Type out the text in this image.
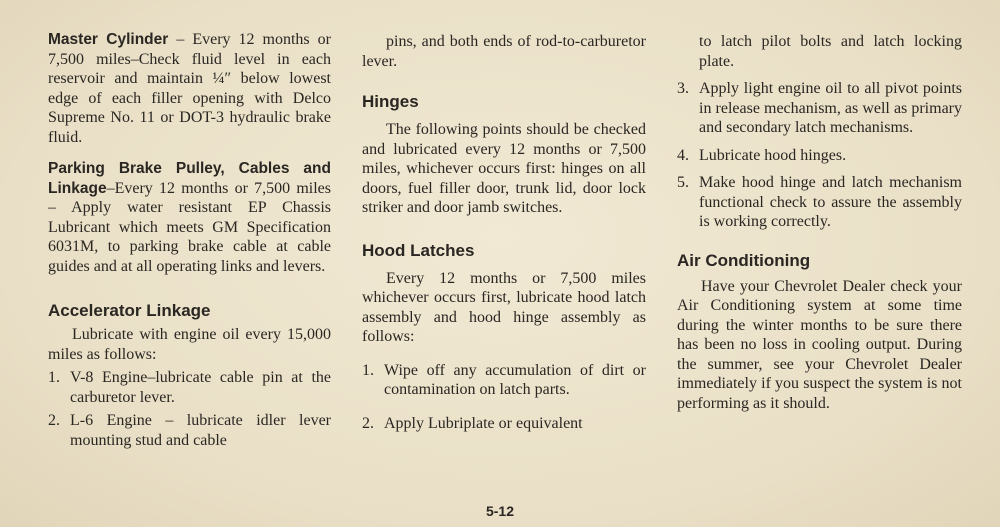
Master Cylinder – Every 12 months or 7,500 miles–Check fluid level in each reservoir and maintain ¼″ below lowest edge of each filler opening with Delco Supreme No. 11 or DOT-3 hydraulic brake fluid.

Parking Brake Pulley, Cables and Linkage–Every 12 months or 7,500 miles – Apply water resistant EP Chassis Lubricant which meets GM Specification 6031M, to parking brake cable at cable guides and at all operating links and levers.

Accelerator Linkage

Lubricate with engine oil every 15,000 miles as follows:

1. V-8 Engine–lubricate cable pin at the carburetor lever.
2. L-6 Engine – lubricate idler lever mounting stud and cable

pins, and both ends of rod-to-carburetor lever.

Hinges

The following points should be checked and lubricated every 12 months or 7,500 miles, whichever occurs first: hinges on all doors, fuel filler door, trunk lid, door lock striker and door jamb switches.

Hood Latches

Every 12 months or 7,500 miles whichever occurs first, lubricate hood latch assembly and hood hinge assembly as follows:

1. Wipe off any accumulation of dirt or contamination on latch parts.
2. Apply Lubriplate or equivalent

to latch pilot bolts and latch locking plate.

3. Apply light engine oil to all pivot points in release mechanism, as well as primary and secondary latch mechanisms.
4. Lubricate hood hinges.
5. Make hood hinge and latch mechanism functional check to assure the assembly is working correctly.
Air Conditioning

Have your Chevrolet Dealer check your Air Conditioning system at some time during the winter months to be sure there has been no loss in cooling output. During the summer, see your Chevrolet Dealer immediately if you suspect the system is not performing as it should.

5-12
